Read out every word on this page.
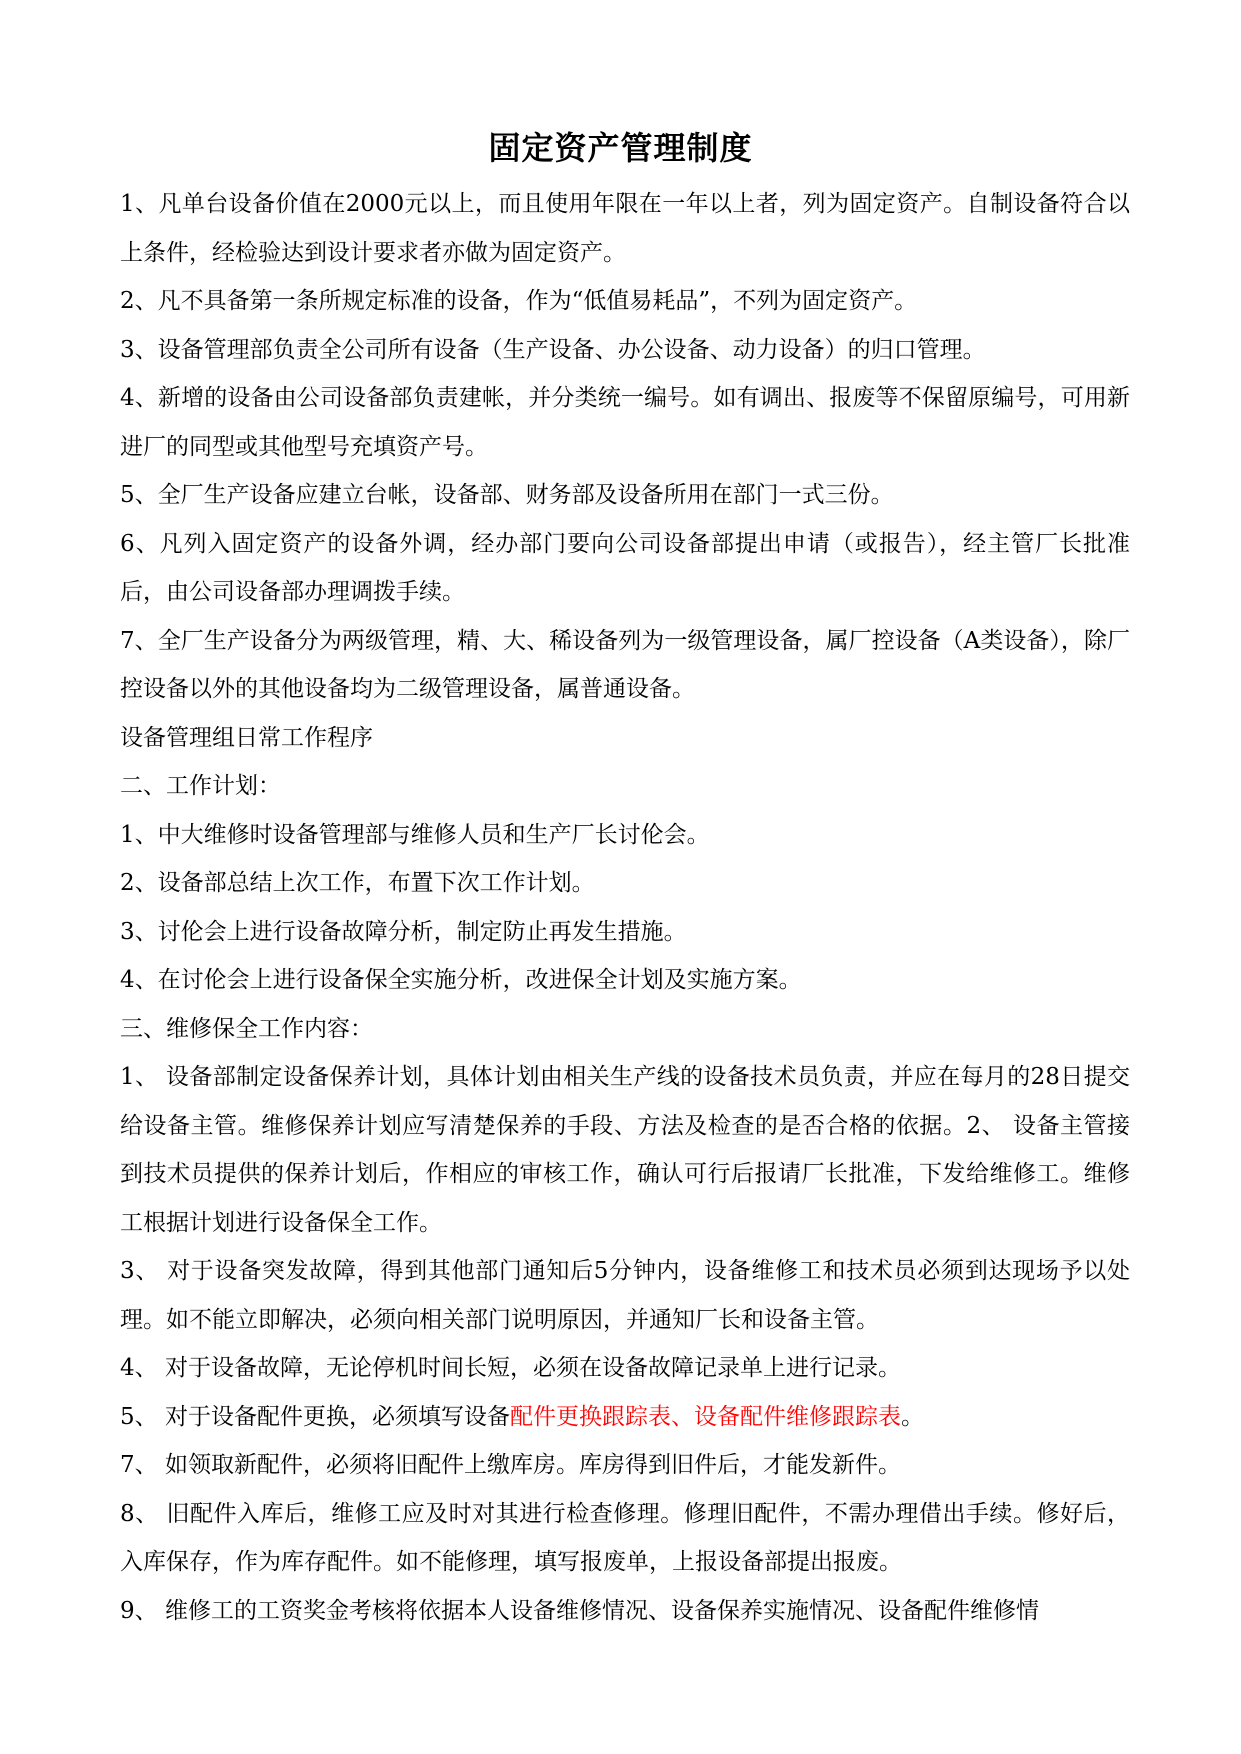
固定资产管理制度

1、凡单台设备价值在2000元以上，而且使用年限在一年以上者，列为固定资产。自制设备符合以上条件，经检验达到设计要求者亦做为固定资产。

2、凡不具备第一条所规定标准的设备，作为“低值易耗品”，不列为固定资产。

3、设备管理部负责全公司所有设备（生产设备、办公设备、动力设备）的归口管理。

4、新增的设备由公司设备部负责建帐，并分类统一编号。如有调出、报废等不保留原编号，可用新进厂的同型或其他型号充填资产号。

5、全厂生产设备应建立台帐，设备部、财务部及设备所用在部门一式三份。

6、凡列入固定资产的设备外调，经办部门要向公司设备部提出申请（或报告），经主管厂长批准后，由公司设备部办理调拨手续。

7、全厂生产设备分为两级管理，精、大、稀设备列为一级管理设备，属厂控设备（A类设备），除厂控设备以外的其他设备均为二级管理设备，属普通设备。

设备管理组日常工作程序

二、工作计划：

1、中大维修时设备管理部与维修人员和生产厂长讨伦会。

2、设备部总结上次工作，布置下次工作计划。

3、讨伦会上进行设备故障分析，制定防止再发生措施。

4、在讨伦会上进行设备保全实施分析，改进保全计划及实施方案。

三、维修保全工作内容：

1、 设备部制定设备保养计划，具体计划由相关生产线的设备技术员负责，并应在每月的28日提交给设备主管。维修保养计划应写清楚保养的手段、方法及检查的是否合格的依据。2、 设备主管接到技术员提供的保养计划后，作相应的审核工作，确认可行后报请厂长批准，下发给维修工。维修工根据计划进行设备保全工作。

3、 对于设备突发故障，得到其他部门通知后5分钟内，设备维修工和技术员必须到达现场予以处理。如不能立即解决，必须向相关部门说明原因，并通知厂长和设备主管。

4、 对于设备故障，无论停机时间长短，必须在设备故障记录单上进行记录。

5、 对于设备配件更换，必须填写设备配件更换跟踪表、设备配件维修跟踪表。

7、 如领取新配件，必须将旧配件上缴库房。库房得到旧件后，才能发新件。

8、 旧配件入库后，维修工应及时对其进行检查修理。修理旧配件，不需办理借出手续。修好后，入库保存，作为库存配件。如不能修理，填写报废单，上报设备部提出报废。

9、 维修工的工资奖金考核将依据本人设备维修情况、设备保养实施情况、设备配件维修情
